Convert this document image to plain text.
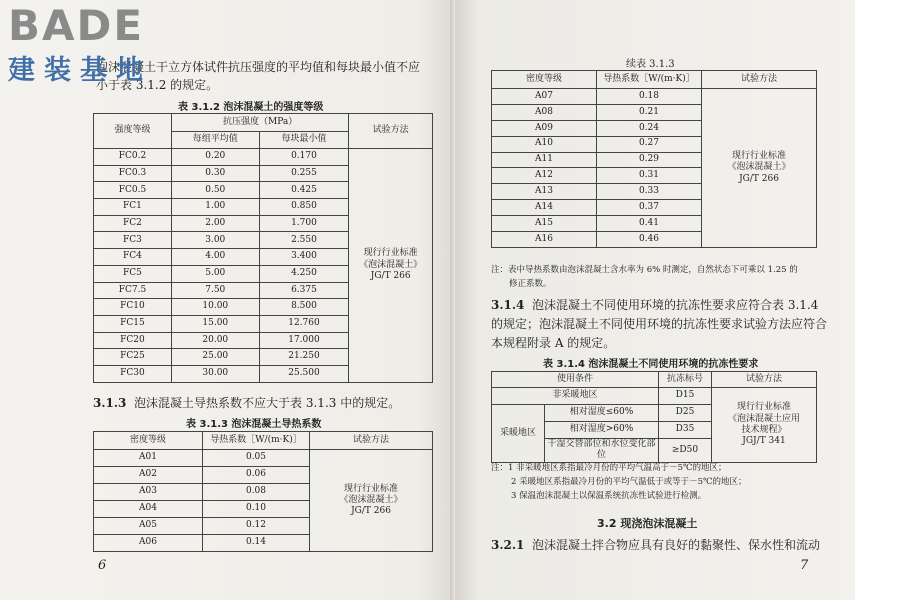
泡沫混凝土干立方体试件抗压强度的平均值和每块最小值不应
小于表 3.1.2 的规定。
表 3.1.2 泡沫混凝土的强度等级
强度等级	抗压强度（MPa）		试验方法
	每组平均值	每块最小值	
FC0.2	0.20	0.170	现行行业标准
《泡沫混凝土》
JG/T 266

FC0.3	0.30	0.255	
FC0.5	0.50	0.425	
FC1	1.00	0.850	
FC2	2.00	1.700	
FC3	3.00	2.550	
FC4	4.00	3.400	
FC5	5.00	4.250	
FC7.5	7.50	6.375	
FC10	10.00	8.500	
FC15	15.00	12.760	
FC20	20.00	17.000	
FC25	25.00	21.250	
FC30	30.00	25.500	
3.1.3 泡沫混凝土导热系数不应大于表 3.1.3 中的规定。
表 3.1.3 泡沫混凝土导热系数
密度等级	导热系数［W/(m·K)］	试验方法
A01	0.05	现行行业标准
《泡沫混凝土》
JG/T 266

A02	0.06	
A03	0.08	
A04	0.10	
A05	0.12	
A06	0.14	
6
续表 3.1.3
密度等级	导热系数［W/(m·K)］	试验方法
A07	0.18	现行行业标准
《泡沫混凝土》
JG/T 266

A08	0.21	
A09	0.24	
A10	0.27	
A11	0.29	
A12	0.31	
A13	0.33	
A14	0.37	
A15	0.41	
A16	0.46	
注：表中导热系数由泡沫混凝土含水率为 6% 时测定，自然状态下可乘以 1.25 的
修正系数。
3.1.4 泡沫混凝土不同使用环境的抗冻性要求应符合表 3.1.4
的规定；泡沫混凝土不同使用环境的抗冻性要求试验方法应符合
本规程附录 A 的规定。
表 3.1.4 泡沫混凝土不同使用环境的抗冻性要求
使用条件		抗冻标号	试验方法
非采暖地区		D15	现行行业标准
《泡沫混凝土应用
技术规程》
JGJ/T 341

采暖地区	相对湿度≤60%	D25	
	相对湿度>60%	D35	
	干湿交替部位和水位变化部位	≥D50	
注：1 非采暖地区系指最冷月份的平均气温高于－5℃的地区；
2 采暖地区系指最冷月份的平均气温低于或等于－5℃的地区；
3 保温泡沫混凝土以保温系统抗冻性试验进行检测。
3.2 现浇泡沫混凝土
3.2.1 泡沫混凝土拌合物应具有良好的黏聚性、保水性和流动
7
BADE
建装基地
